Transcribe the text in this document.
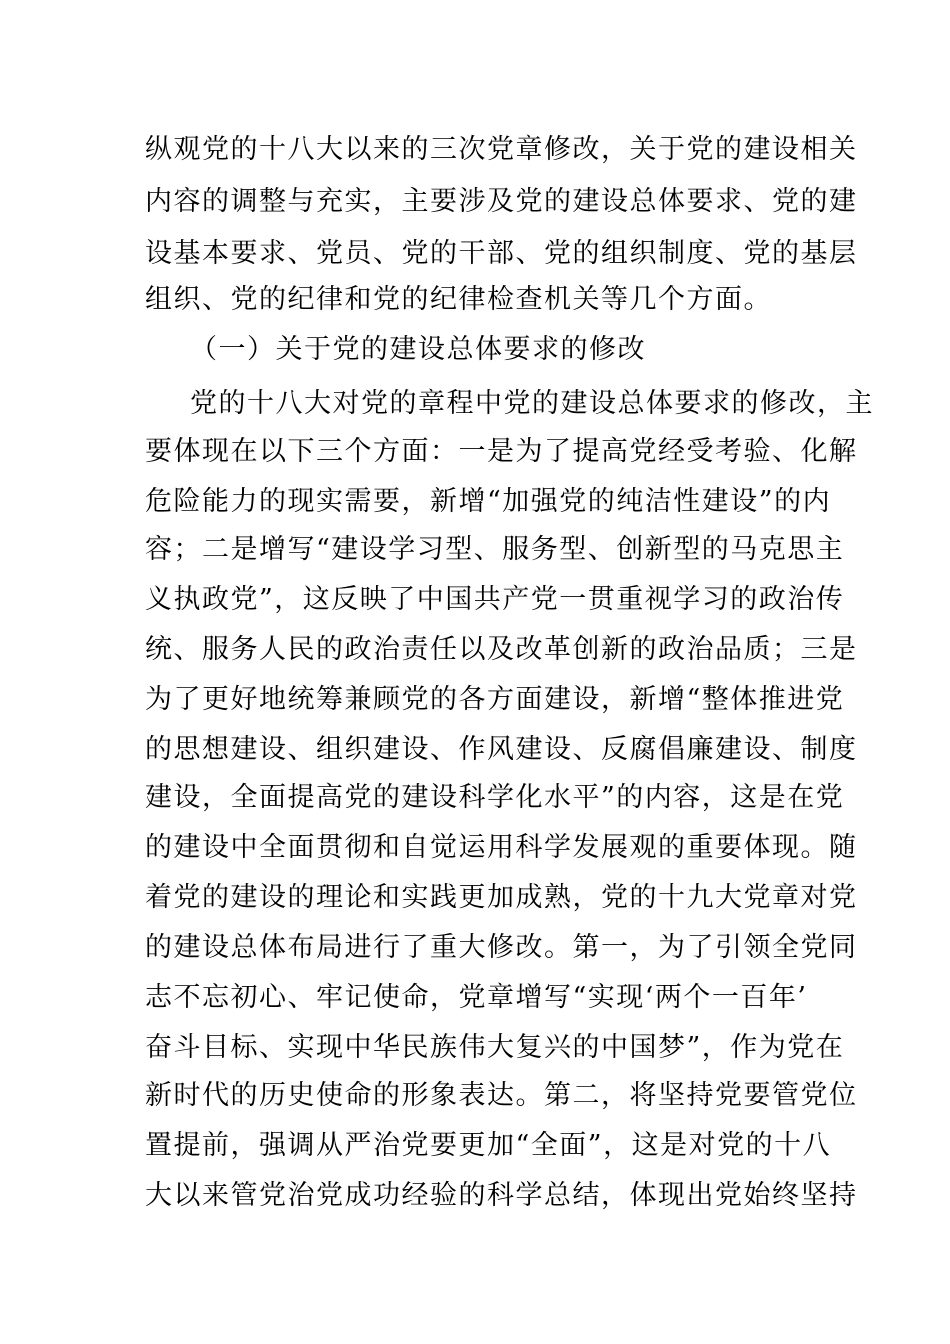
纵观党的十八大以来的三次党章修改，关于党的建设相关
内容的调整与充实，主要涉及党的建设总体要求、党的建
设基本要求、党员、党的干部、党的组织制度、党的基层
组织、党的纪律和党的纪律检查机关等几个方面。
（一）关于党的建设总体要求的修改
党的十八大对党的章程中党的建设总体要求的修改，主
要体现在以下三个方面：一是为了提高党经受考验、化解
危险能力的现实需要，新增“加强党的纯洁性建设”的内
容；二是增写“建设学习型、服务型、创新型的马克思主
义执政党”，这反映了中国共产党一贯重视学习的政治传
统、服务人民的政治责任以及改革创新的政治品质；三是
为了更好地统筹兼顾党的各方面建设，新增“整体推进党
的思想建设、组织建设、作风建设、反腐倡廉建设、制度
建设，全面提高党的建设科学化水平”的内容，这是在党
的建设中全面贯彻和自觉运用科学发展观的重要体现。随
着党的建设的理论和实践更加成熟，党的十九大党章对党
的建设总体布局进行了重大修改。第一，为了引领全党同
志不忘初心、牢记使命，党章增写“实现‘两个一百年’
奋斗目标、实现中华民族伟大复兴的中国梦”，作为党在
新时代的历史使命的形象表达。第二，将坚持党要管党位
置提前，强调从严治党要更加“全面”，这是对党的十八
大以来管党治党成功经验的科学总结，体现出党始终坚持
